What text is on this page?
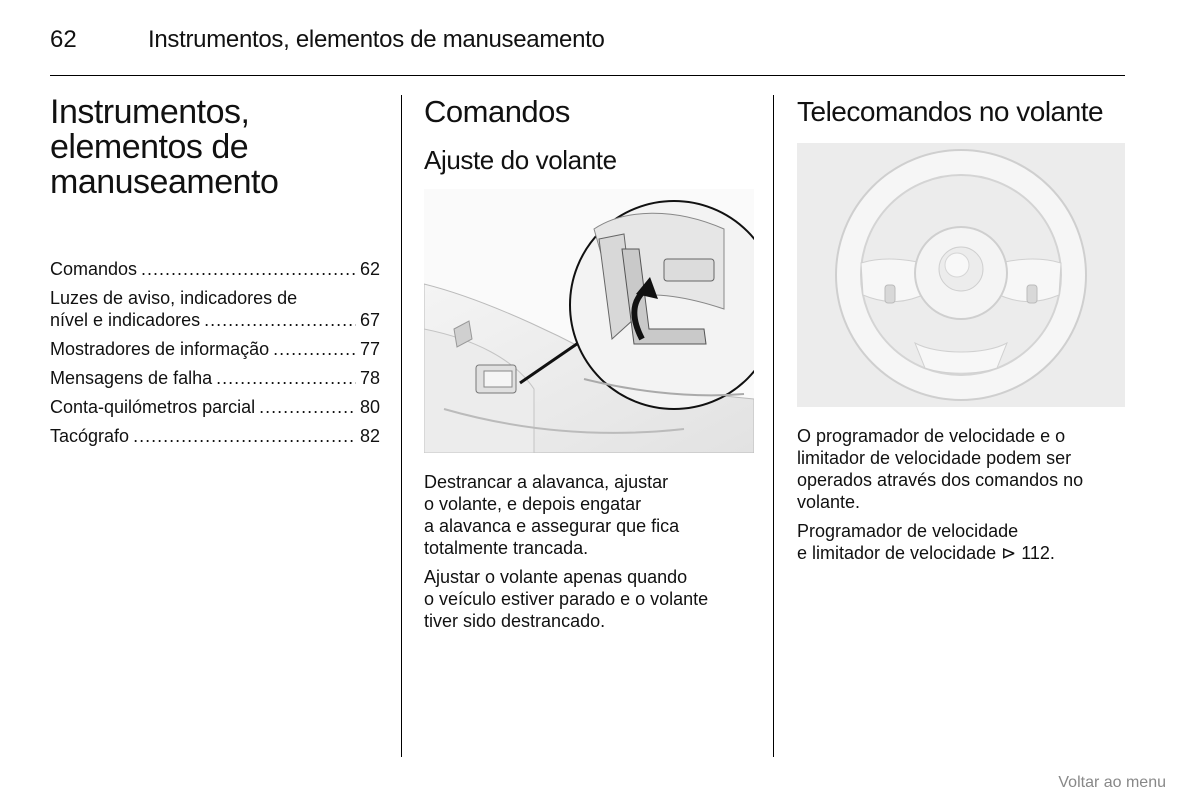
62	Instrumentos, elementos de manuseamento
Instrumentos,
elementos de
manuseamento
Comandos .....	62
Luzes de aviso, indicadores de
nível e indicadores .....	67
Mostradores de informação .....	77
Mensagens de falha .....	78
Conta-quilómetros parcial .....	80
Tacógrafo .....	82
Comandos
Ajuste do volante

Destrancar a alavanca, ajustar
o volante, e depois engatar
a alavanca e assegurar que fica
totalmente trancada.

Ajustar o volante apenas quando
o veículo estiver parado e o volante
tiver sido destrancado.

Telecomandos no volante

O programador de velocidade e o
limitador de velocidade podem ser
operados através dos comandos no
volante.

Programador de velocidade
e limitador de velocidade ⊳ 112.

Voltar ao menu
